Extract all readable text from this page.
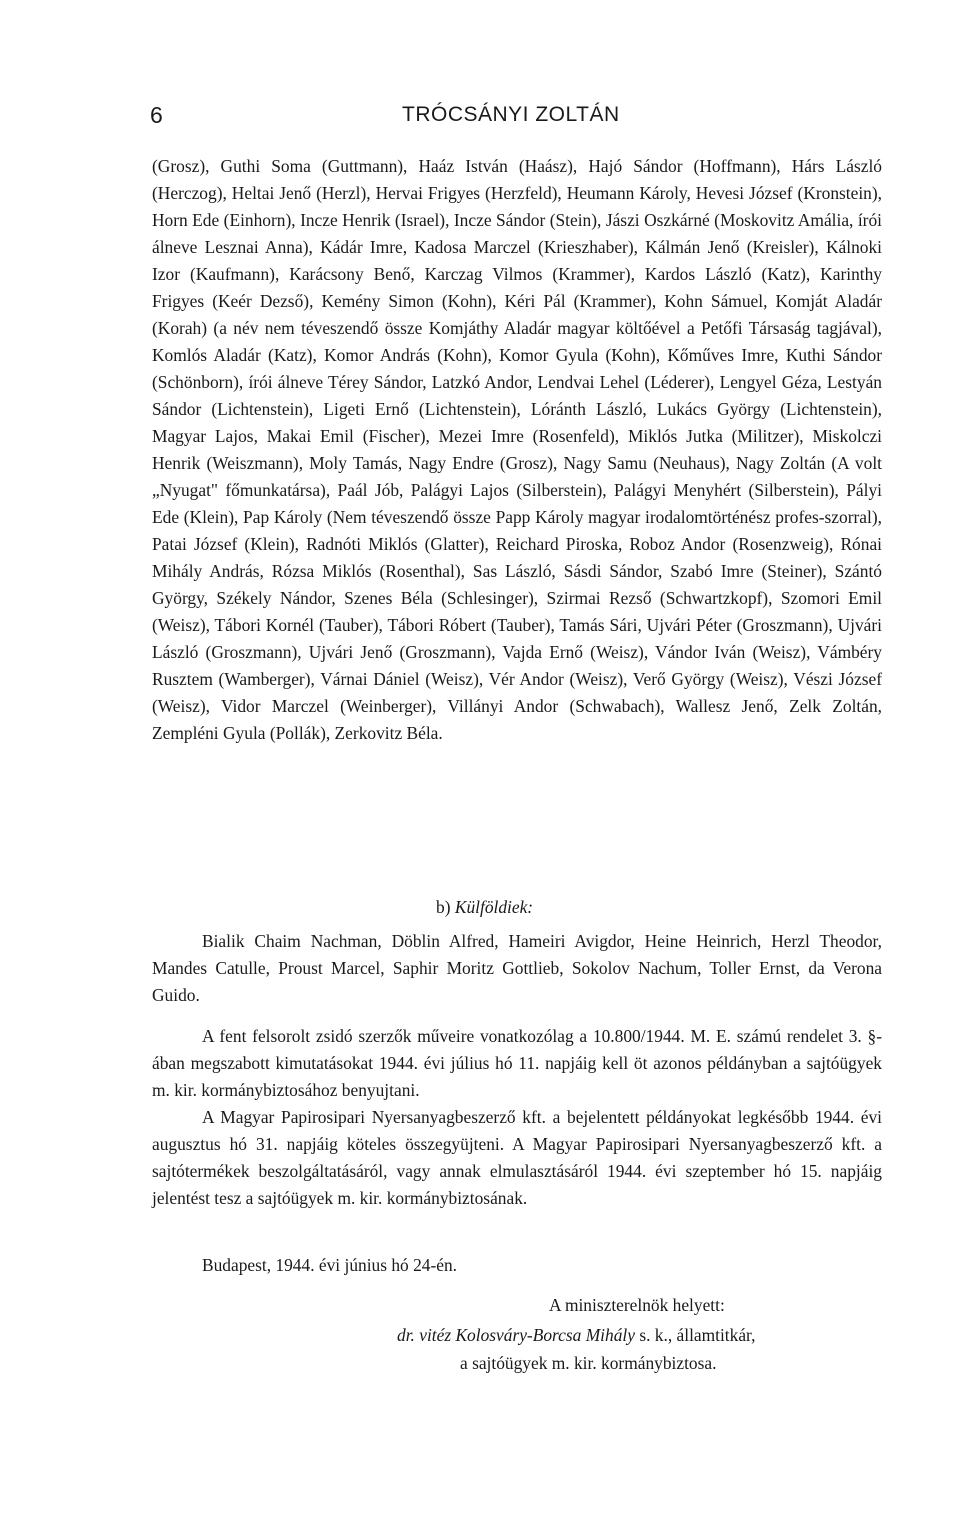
6	TRÓCSÁNYI ZOLTÁN

(Grosz), Guthi Soma (Guttmann), Haáz István (Haász), Hajó Sándor (Hoffmann), Hárs László (Herczog), Heltai Jenő (Herzl), Hervai Frigyes (Herzfeld), Heumann Károly, Hevesi József (Kronstein), Horn Ede (Einhorn), Incze Henrik (Israel), Incze Sándor (Stein), Jászi Oszkárné (Moskovitz Amália, írói álneve Lesznai Anna), Kádár Imre, Kadosa Marczel (Krieszhaber), Kálmán Jenő (Kreisler), Kálnoki Izor (Kaufmann), Karácsony Benő, Karczag Vilmos (Krammer), Kardos László (Katz), Karinthy Frigyes (Keér Dezső), Kemény Simon (Kohn), Kéri Pál (Krammer), Kohn Sámuel, Komját Aladár (Korah) (a név nem téveszendő össze Komjáthy Aladár magyar költőével a Petőfi Társaság tagjával), Komlós Aladár (Katz), Komor András (Kohn), Komor Gyula (Kohn), Kőműves Imre, Kuthi Sándor (Schönborn), írói álneve Térey Sándor, Latzkó Andor, Lendvai Lehel (Léderer), Lengyel Géza, Lestyán Sándor (Lichtenstein), Ligeti Ernő (Lichtenstein), Lóránth László, Lukács György (Lichtenstein), Magyar Lajos, Makai Emil (Fischer), Mezei Imre (Rosenfeld), Miklós Jutka (Militzer), Miskolczi Henrik (Weiszmann), Moly Tamás, Nagy Endre (Grosz), Nagy Samu (Neuhaus), Nagy Zoltán (A volt „Nyugat" főmunkatársa), Paál Jób, Palágyi Lajos (Silberstein), Palágyi Menyhért (Silberstein), Pályi Ede (Klein), Pap Károly (Nem téveszendő össze Papp Károly magyar irodalomtörténész profes-szorral), Patai József (Klein), Radnóti Miklós (Glatter), Reichard Piroska, Roboz Andor (Rosenzweig), Rónai Mihály András, Rózsa Miklós (Rosenthal), Sas László, Sásdi Sándor, Szabó Imre (Steiner), Szántó György, Székely Nándor, Szenes Béla (Schlesinger), Szirmai Rezső (Schwartzkopf), Szomori Emil (Weisz), Tábori Kornél (Tauber), Tábori Róbert (Tauber), Tamás Sári, Ujvári Péter (Groszmann), Ujvári László (Groszmann), Ujvári Jenő (Groszmann), Vajda Ernő (Weisz), Vándor Iván (Weisz), Vámbéry Rusztem (Wamberger), Várnai Dániel (Weisz), Vér Andor (Weisz), Verő György (Weisz), Vészi József (Weisz), Vidor Marczel (Weinberger), Villányi Andor (Schwabach), Wallesz Jenő, Zelk Zoltán, Zempléni Gyula (Pollák), Zerkovitz Béla.

b) Külföldiek:

Bialik Chaim Nachman, Döblin Alfred, Hameiri Avigdor, Heine Heinrich, Herzl Theodor, Mandes Catulle, Proust Marcel, Saphir Moritz Gottlieb, Sokolov Nachum, Toller Ernst, da Verona Guido.

A fent felsorolt zsidó szerzők műveire vonatkozólag a 10.800/1944. M. E. számú rendelet 3. §-ában megszabott kimutatásokat 1944. évi július hó 11. napjáig kell öt azonos példányban a sajtóügyek m. kir. kormánybiztosához benyujtani.

A Magyar Papirosipari Nyersanyagbeszerző kft. a bejelentett példányokat legkésőbb 1944. évi augusztus hó 31. napjáig köteles összegyüjteni. A Magyar Papirosipari Nyersanyagbeszerző kft. a sajtótermékek beszolgáltatásáról, vagy annak elmulasztásáról 1944. évi szeptember hó 15. napjáig jelentést tesz a sajtóügyek m. kir. kormánybiztosának.

Budapest, 1944. évi június hó 24-én.
A miniszterelnök helyett:
dr. vitéz Kolosváry-Borcsa Mihály s. k., államtitkár,
a sajtóügyek m. kir. kormánybiztosa.
